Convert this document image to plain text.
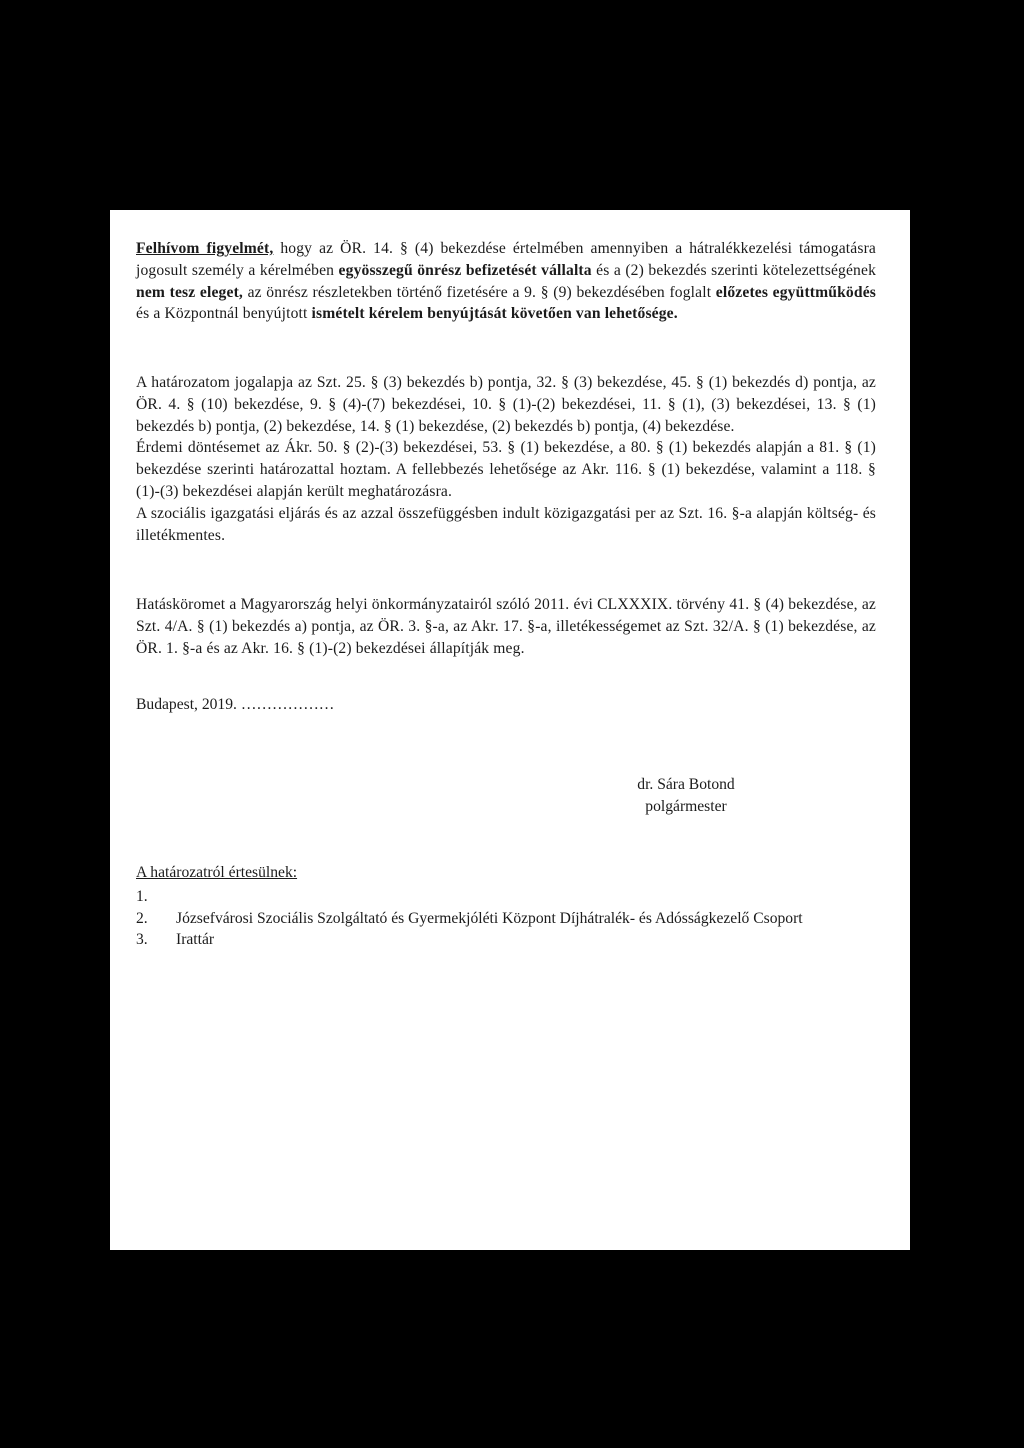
Felhívom figyelmét, hogy az ÖR. 14. § (4) bekezdése értelmében amennyiben a hátralékkezelési támogatásra jogosult személy a kérelmében egyösszegű önrész befizetését vállalta és a (2) bekezdés szerinti kötelezettségének nem tesz eleget, az önrész részletekben történő fizetésére a 9. § (9) bekezdésében foglalt előzetes együttműködés és a Központnál benyújtott ismételt kérelem benyújtását követően van lehetősége.
A határozatom jogalapja az Szt. 25. § (3) bekezdés b) pontja, 32. § (3) bekezdése, 45. § (1) bekezdés d) pontja, az ÖR. 4. § (10) bekezdése, 9. § (4)-(7) bekezdései, 10. § (1)-(2) bekezdései, 11. § (1), (3) bekezdései, 13. § (1) bekezdés b) pontja, (2) bekezdése, 14. § (1) bekezdése, (2) bekezdés b) pontja, (4) bekezdése.
Érdemi döntésemet az Ákr. 50. § (2)-(3) bekezdései, 53. § (1) bekezdése, a 80. § (1) bekezdés alapján a 81. § (1) bekezdése szerinti határozattal hoztam. A fellebbezés lehetősége az Akr. 116. § (1) bekezdése, valamint a 118. § (1)-(3) bekezdései alapján került meghatározásra.
A szociális igazgatási eljárás és az azzal összefüggésben indult közigazgatási per az Szt. 16. §-a alapján költség- és illetékmentes.
Hatásköromet a Magyarország helyi önkormányzatairól szóló 2011. évi CLXXXIX. törvény 41. § (4) bekezdése, az Szt. 4/A. § (1) bekezdés a) pontja, az ÖR. 3. §-a, az Akr. 17. §-a, illetékességemet az Szt. 32/A. § (1) bekezdése, az ÖR. 1. §-a és az Akr. 16. § (1)-(2) bekezdései állapítják meg.
Budapest, 2019. ………………
dr. Sára Botond
polgármester
A határozatról értesülnek:
1.
2.	Józsefvárosi Szociális Szolgáltató és Gyermekjóléti Központ Díjhátralék- és Adósságkezelő Csoport
3.	Irattár
